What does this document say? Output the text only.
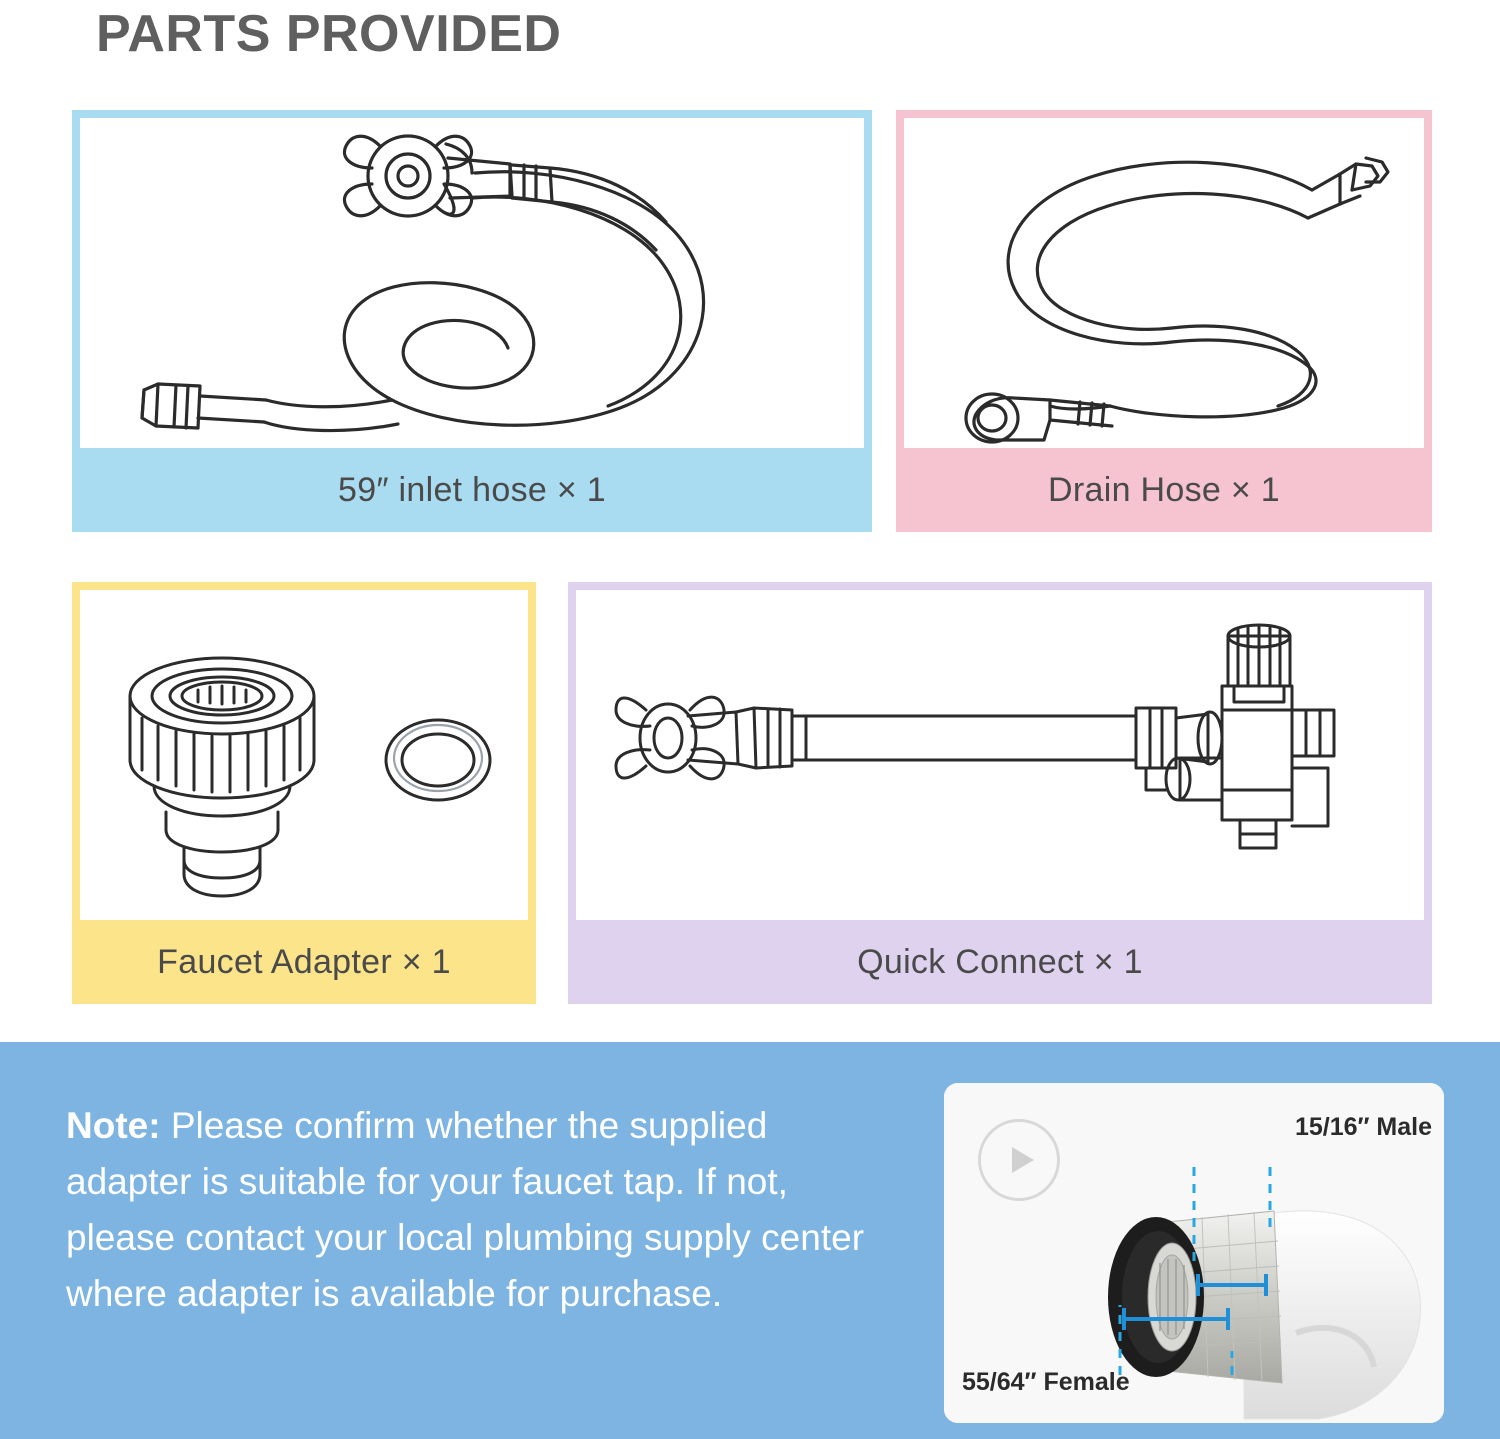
PARTS PROVIDED
59″ inlet hose × 1	Drain Hose × 1
Faucet Adapter × 1	Quick Connect × 1
Note: Please confirm whether the supplied adapter is suitable for your faucet tap. If not, please contact your local plumbing supply center where adapter is available for purchase.
15/16″ Male
55/64″ Female
